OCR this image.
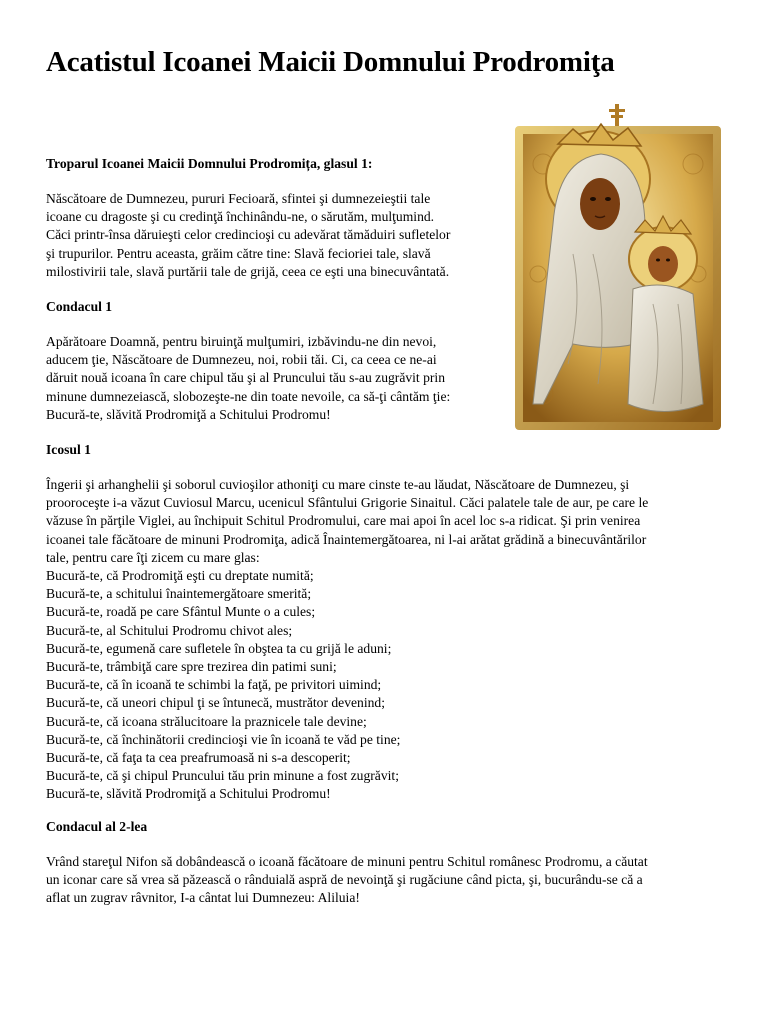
Acatistul Icoanei Maicii Domnului Prodromiţa
Troparul Icoanei Maicii Domnului Prodromița, glasul 1:
Născătoare de Dumnezeu, pururi Fecioară, sfintei şi dumnezeieştii tale
icoane cu dragoste şi cu credinţă închinându-ne, o sărutăm, mulţumind.
Căci printr-însa dăruieşti celor credincioşi cu adevărat tămăduiri sufletelor
şi trupurilor. Pentru aceasta, grăim către tine: Slavă fecioriei tale, slavă
milostivirii tale, slavă purtării tale de grijă, ceea ce eşti una binecuvântată.
Condacul 1
Apărătoare Doamnă, pentru biruinţă mulţumiri, izbăvindu-ne din nevoi,
aducem ţie, Născătoare de Dumnezeu, noi, robii tăi. Ci, ca ceea ce ne-ai
dăruit nouă icoana în care chipul tău şi al Pruncului tău s-au zugrăvit prin
minune dumnezeiască, slobozeşte-ne din toate nevoile, ca să-ţi cântăm ţie:
Bucură-te, slăvită Prodromiţă a Schitului Prodromu!
Icosul 1
Îngerii şi arhanghelii şi soborul cuvioşilor athoniţi cu mare cinste te-au lăudat, Născătoare de Dumnezeu, şi
prooroceşte i-a văzut Cuviosul Marcu, ucenicul Sfântului Grigorie Sinaitul. Căci palatele tale de aur, pe care le
văzuse în părţile Viglei, au închipuit Schitul Prodromului, care mai apoi în acel loc s-a ridicat. Şi prin venirea
icoanei tale făcătoare de minuni Prodromiţa, adică Înaintemergătoarea, ni l-ai arătat grădină a binecuvântărilor
tale, pentru care îţi zicem cu mare glas:
Bucură-te, că Prodromiţă eşti cu dreptate numită;
Bucură-te, a schitului înaintemergătoare smerită;
Bucură-te, roadă pe care Sfântul Munte o a cules;
Bucură-te, al Schitului Prodromu chivot ales;
Bucură-te, egumenă care sufletele în obştea ta cu grijă le aduni;
Bucură-te, trâmbiţă care spre trezirea din patimi suni;
Bucură-te, că în icoană te schimbi la faţă, pe privitori uimind;
Bucură-te, că uneori chipul ţi se întunecă, mustrător devenind;
Bucură-te, că icoana strălucitoare la praznicele tale devine;
Bucură-te, că închinătorii credincioşi vie în icoană te văd pe tine;
Bucură-te, că faţa ta cea preafrumoasă ni s-a descoperit;
Bucură-te, că şi chipul Pruncului tău prin minune a fost zugrăvit;
Bucură-te, slăvită Prodromiţă a Schitului Prodromu!
Condacul al 2-lea
Vrând stareţul Nifon să dobândească o icoană făcătoare de minuni pentru Schitul românesc Prodromu, a căutat
un iconar care să vrea să păzească o rânduială aspră de nevoinţă şi rugăciune când picta, şi, bucurându-se că a
aflat un zugrav râvnitor, I-a cântat lui Dumnezeu: Aliluia!
